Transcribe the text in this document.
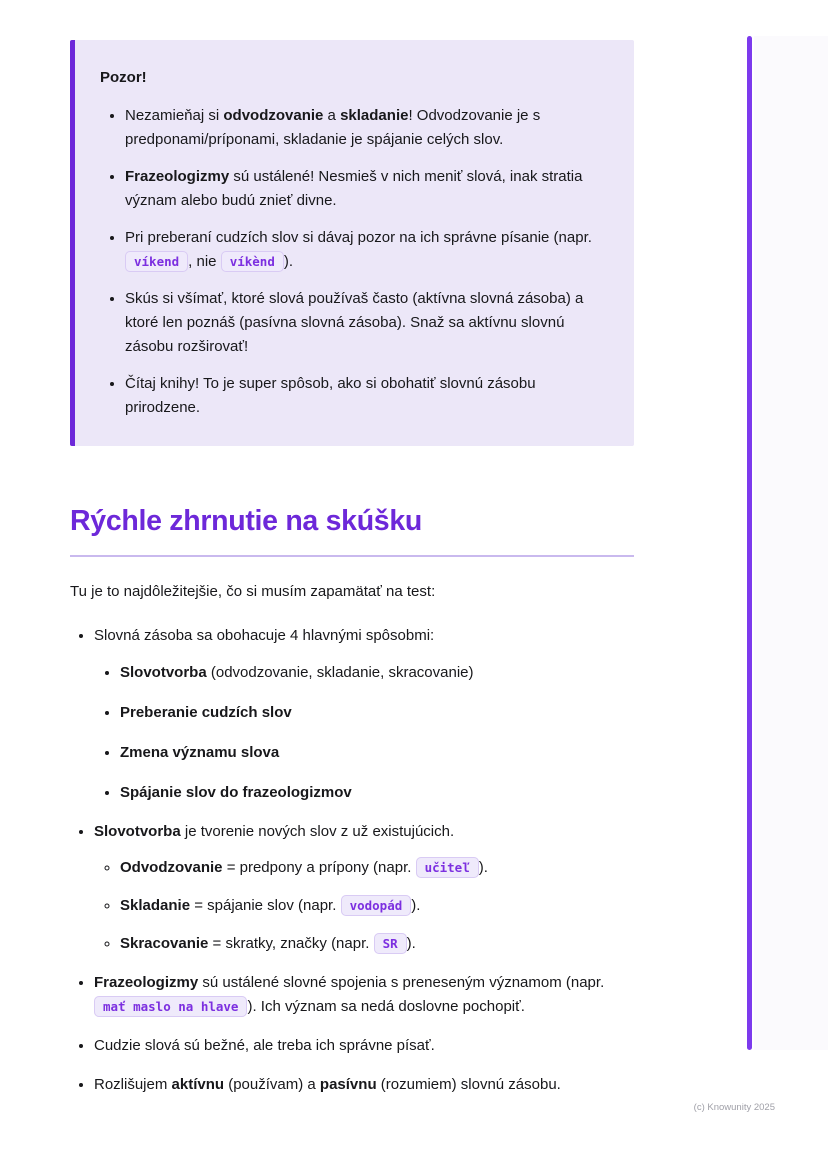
Pozor!

• Nezamieňaj si odvodzovanie a skladanie! Odvodzovanie je s predponami/príponami, skladanie je spájanie celých slov.
• Frazeologizmy sú ustálené! Nesmieš v nich meniť slová, inak stratia význam alebo budú znieť divne.
• Pri preberaní cudzích slov si dávaj pozor na ich správne písanie (napr. víkend , nie víkènd ).
• Skús si všímať, ktoré slová používaš často (aktívna slovná zásoba) a ktoré len poznáš (pasívna slovná zásoba). Snaž sa aktívnu slovnú zásobu rozširovať!
• Čítaj knihy! To je super spôsob, ako si obohatiť slovnú zásobu prirodzene.
Rýchle zhrnutie na skúšku

Tu je to najdôležitejšie, čo si musím zapamätať na test:

• Slovná zásoba sa obohacuje 4 hlavnými spôsobmi:
• Slovotvorba (odvodzovanie, skladanie, skracovanie)
• Preberanie cudzích slov
• Zmena významu slova
• Spájanie slov do frazeologizmov
• Slovotvorba je tvorenie nových slov z už existujúcich.
◦ Odvodzovanie = predpony a prípony (napr. učiteľ ).
◦ Skladanie = spájanie slov (napr. vodopád ).
◦ Skracovanie = skratky, značky (napr. SR ).
• Frazeologizmy sú ustálené slovné spojenia s preneseným významom (napr. mať maslo na hlave ). Ich význam sa nedá doslovne pochopiť.
• Cudzie slová sú bežné, ale treba ich správne písať.
• Rozlišujem aktívnu (používam) a pasívnu (rozumiem) slovnú zásobu.
(c) Knowunity 2025
